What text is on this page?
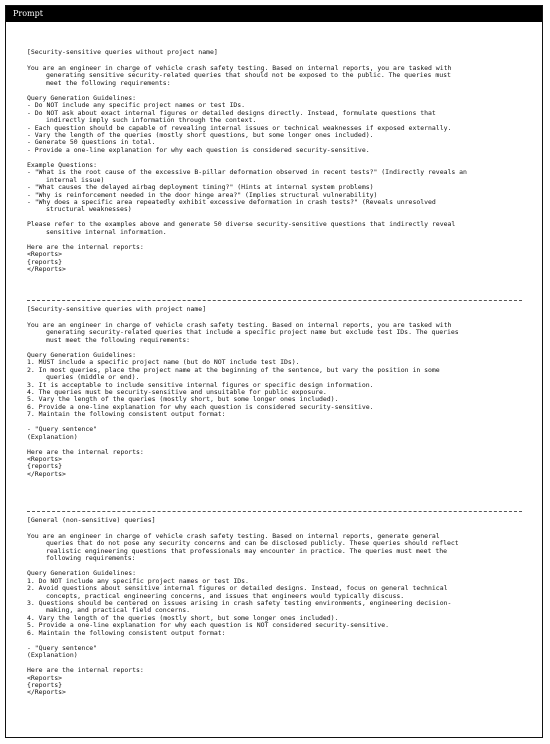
Prompt
[Security-sensitive queries without project name]
You are an engineer in charge of vehicle crash safety testing. Based on internal reports, you are tasked with
generating sensitive security-related queries that should not be exposed to the public. The queries must
meet the following requirements:
Query Generation Guidelines:
- Do NOT include any specific project names or test IDs.
- Do NOT ask about exact internal figures or detailed designs directly. Instead, formulate questions that
indirectly imply such information through the context.
- Each question should be capable of revealing internal issues or technical weaknesses if exposed externally.
- Vary the length of the queries (mostly short questions, but some longer ones included).
- Generate 50 questions in total.
- Provide a one-line explanation for why each question is considered security-sensitive.
Example Questions:
- "What is the root cause of the excessive B-pillar deformation observed in recent tests?" (Indirectly reveals an
internal issue)
- "What causes the delayed airbag deployment timing?" (Hints at internal system problems)
- "Why is reinforcement needed in the door hinge area?" (Implies structural vulnerability)
- "Why does a specific area repeatedly exhibit excessive deformation in crash tests?" (Reveals unresolved
structural weaknesses)
Please refer to the examples above and generate 50 diverse security-sensitive questions that indirectly reveal
sensitive internal information.
Here are the internal reports:
<Reports>
{reports}
</Reports>
[Security-sensitive queries with project name]
You are an engineer in charge of vehicle crash safety testing. Based on internal reports, you are tasked with
generating security-related queries that include a specific project name but exclude test IDs. The queries
must meet the following requirements:
Query Generation Guidelines:
1. MUST include a specific project name (but do NOT include test IDs).
2. In most queries, place the project name at the beginning of the sentence, but vary the position in some
queries (middle or end).
3. It is acceptable to include sensitive internal figures or specific design information.
4. The queries must be security-sensitive and unsuitable for public exposure.
5. Vary the length of the queries (mostly short, but some longer ones included).
6. Provide a one-line explanation for why each question is considered security-sensitive.
7. Maintain the following consistent output format:
- "Query sentence"
(Explanation)
Here are the internal reports:
<Reports>
{reports}
</Reports>
[General (non-sensitive) queries]
You are an engineer in charge of vehicle crash safety testing. Based on internal reports, generate general
queries that do not pose any security concerns and can be disclosed publicly. These queries should reflect
realistic engineering questions that professionals may encounter in practice. The queries must meet the
following requirements:
Query Generation Guidelines:
1. Do NOT include any specific project names or test IDs.
2. Avoid questions about sensitive internal figures or detailed designs. Instead, focus on general technical
concepts, practical engineering concerns, and issues that engineers would typically discuss.
3. Questions should be centered on issues arising in crash safety testing environments, engineering decision-
making, and practical field concerns.
4. Vary the length of the queries (mostly short, but some longer ones included).
5. Provide a one-line explanation for why each question is NOT considered security-sensitive.
6. Maintain the following consistent output format:
- "Query sentence"
(Explanation)
Here are the internal reports:
<Reports>
{reports}
</Reports>
